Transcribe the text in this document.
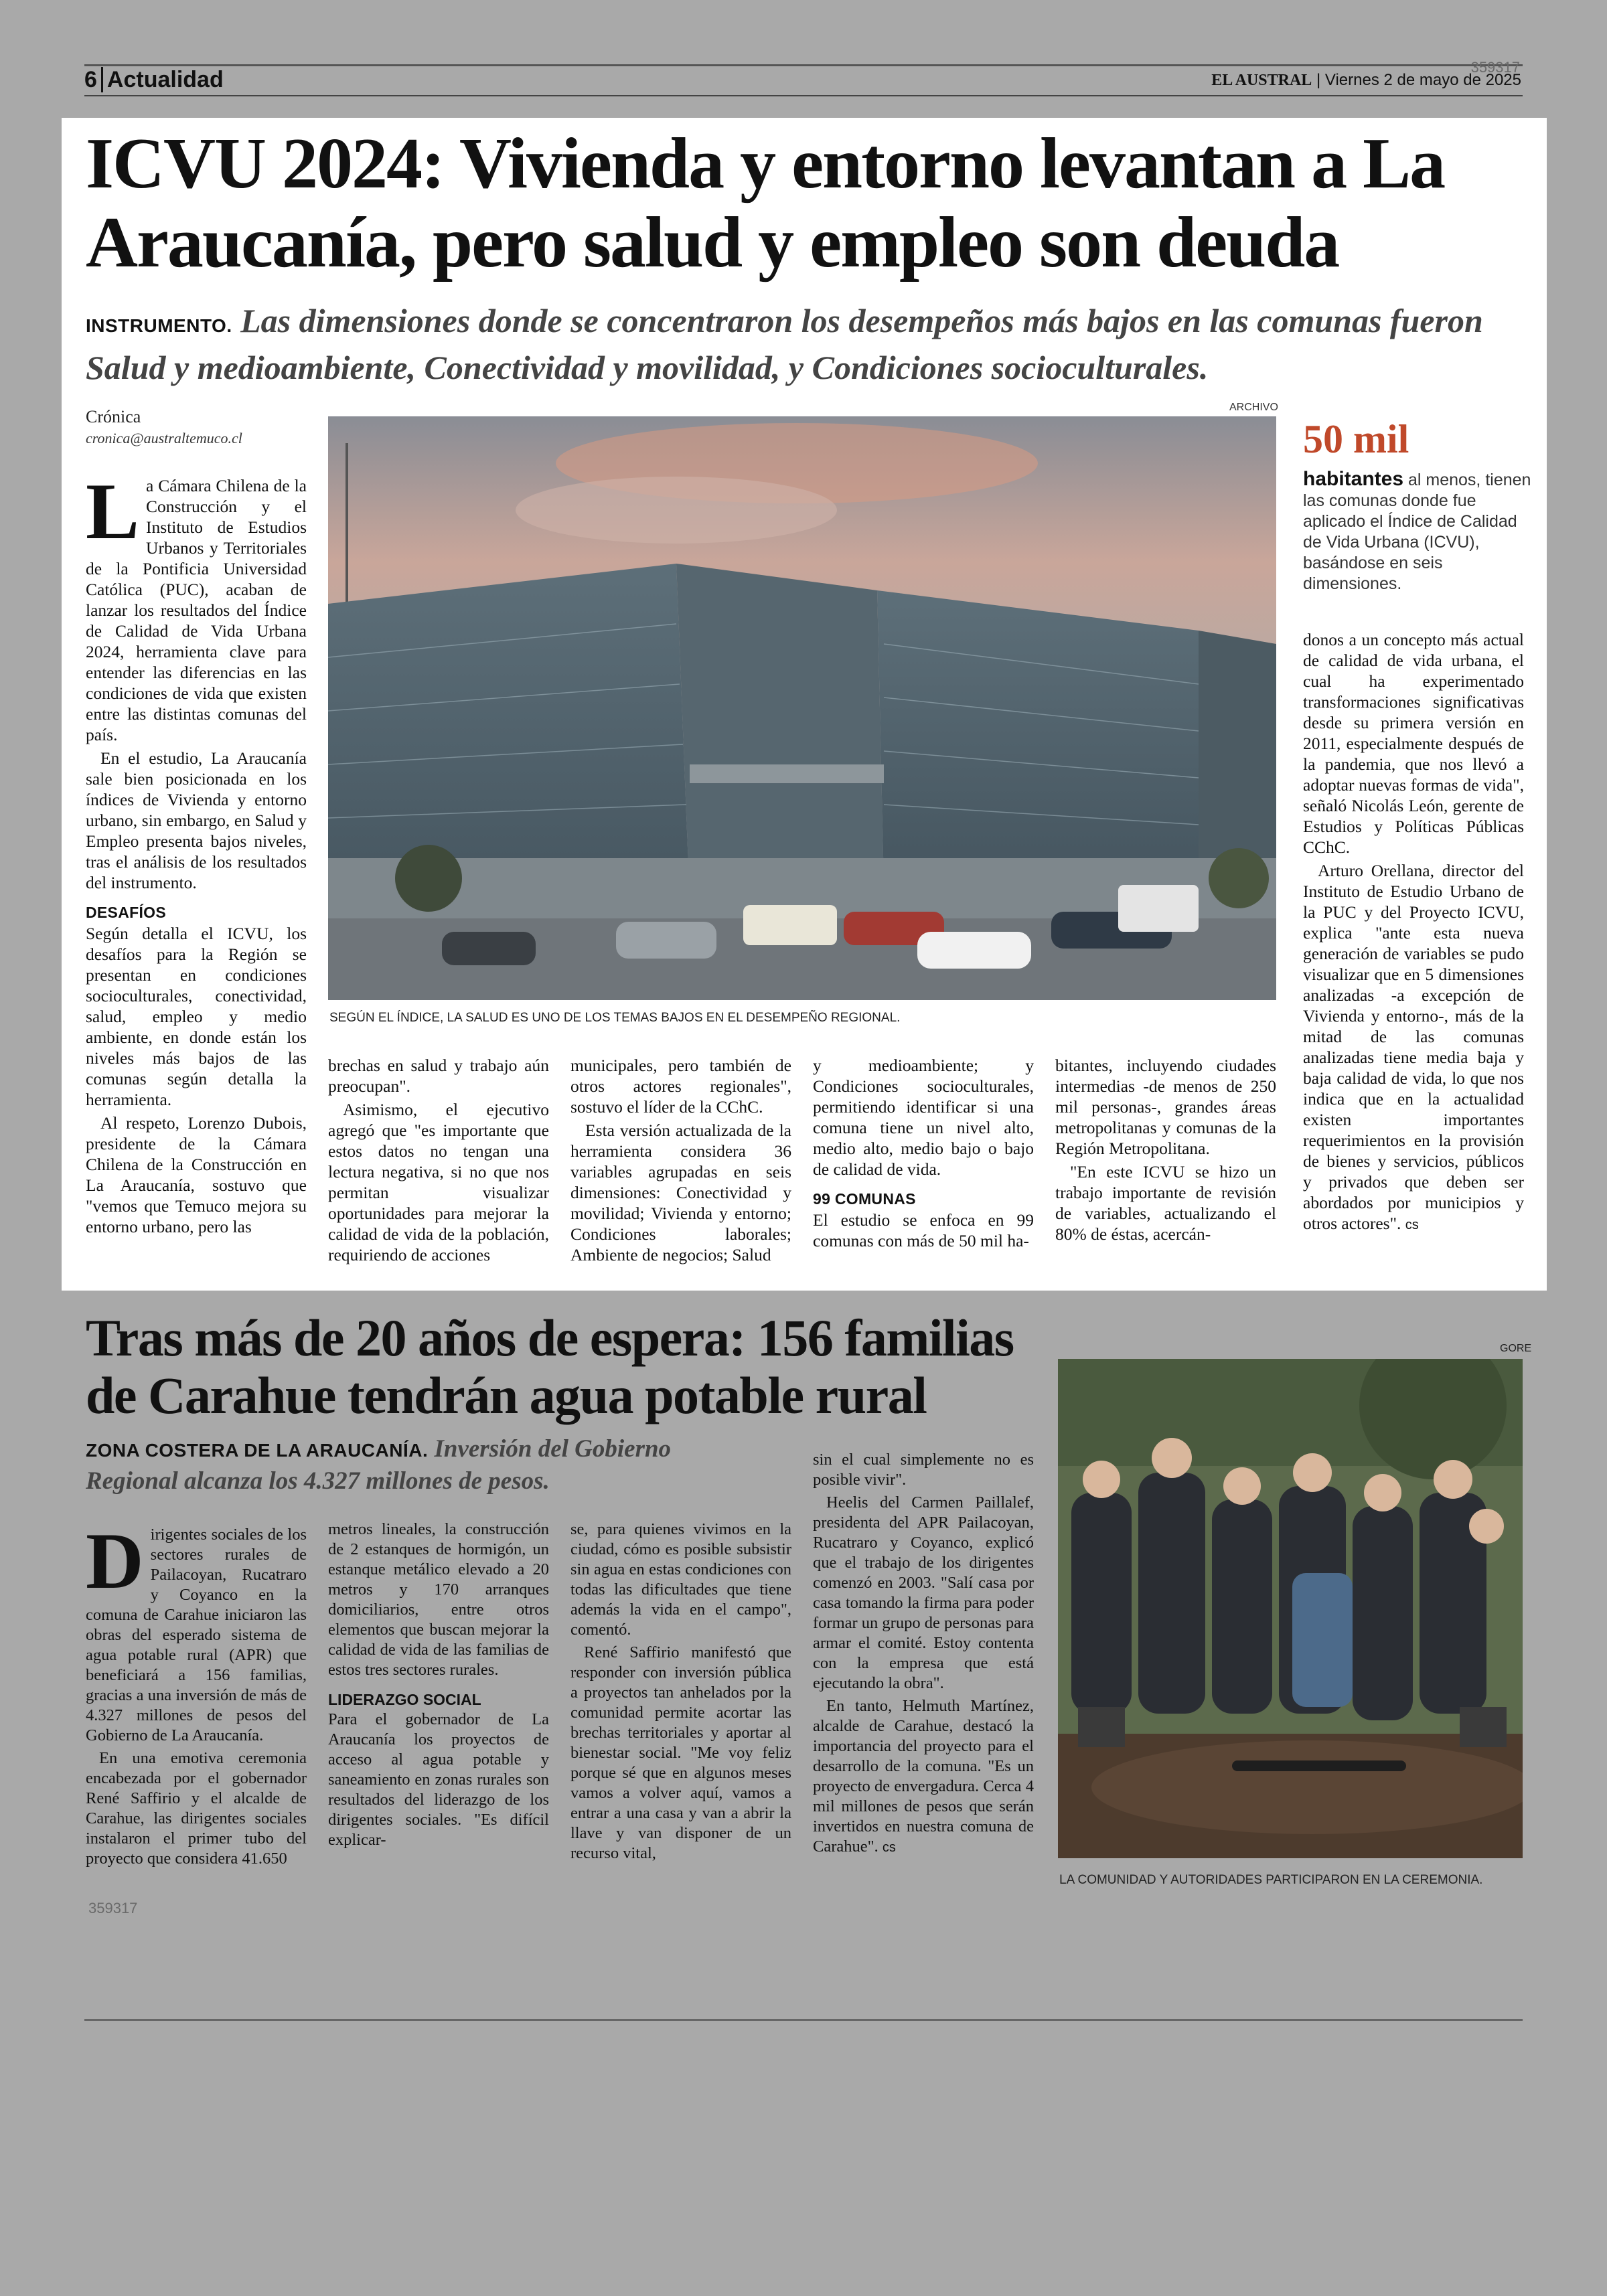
6 Actualidad	359317
EL AUSTRAL | Viernes 2 de mayo de 2025
ICVU 2024: Vivienda y entorno levantan a La Araucanía, pero salud y empleo son deuda
INSTRUMENTO. Las dimensiones donde se concentraron los desempeños más bajos en las comunas fueron Salud y medioambiente, Conectividad y movilidad, y Condiciones socioculturales.
Crónica
cronica@australtemuco.cl
ARCHIVO
SEGÚN EL ÍNDICE, LA SALUD ES UNO DE LOS TEMAS BAJOS EN EL DESEMPEÑO REGIONAL.
50 mil
habitantes al menos, tienen las comunas donde fue aplicado el Índice de Calidad de Vida Urbana (ICVU), basándose en seis dimensiones.

La Cámara Chilena de la Construcción y el Instituto de Estudios Urbanos y Territoriales de la Pontificia Universidad Católica (PUC), acaban de lanzar los resultados del Índice de Calidad de Vida Urbana 2024, herramienta clave para entender las diferencias en las condiciones de vida que existen entre las distintas comunas del país.

En el estudio, La Araucanía sale bien posicionada en los índices de Vivienda y entorno urbano, sin embargo, en Salud y Empleo presenta bajos niveles, tras el análisis de los resultados del instrumento.

DESAFÍOS

Según detalla el ICVU, los desafíos para la Región se presentan en condiciones socioculturales, conectividad, salud, empleo y medio ambiente, en donde están los niveles más bajos de las comunas según detalla la herramienta.

Al respeto, Lorenzo Dubois, presidente de la Cámara Chilena de la Construcción en La Araucanía, sostuvo que "vemos que Temuco mejora su entorno urbano, pero las

brechas en salud y trabajo aún preocupan".

Asimismo, el ejecutivo agregó que "es importante que estos datos no tengan una lectura negativa, si no que nos permitan visualizar oportunidades para mejorar la calidad de vida de la población, requiriendo de acciones

municipales, pero también de otros actores regionales", sostuvo el líder de la CChC.

Esta versión actualizada de la herramienta considera 36 variables agrupadas en seis dimensiones: Conectividad y movilidad; Vivienda y entorno; Condiciones laborales; Ambiente de negocios; Salud

y medioambiente; y Condiciones socioculturales, permitiendo identificar si una comuna tiene un nivel alto, medio alto, medio bajo o bajo de calidad de vida.

99 COMUNAS

El estudio se enfoca en 99 comunas con más de 50 mil ha-

bitantes, incluyendo ciudades intermedias -de menos de 250 mil personas-, grandes áreas metropolitanas y comunas de la Región Metropolitana.

"En este ICVU se hizo un trabajo importante de revisión de variables, actualizando el 80% de éstas, acercán-

donos a un concepto más actual de calidad de vida urbana, el cual ha experimentado transformaciones significativas desde su primera versión en 2011, especialmente después de la pandemia, que nos llevó a adoptar nuevas formas de vida", señaló Nicolás León, gerente de Estudios y Políticas Públicas CChC.

Arturo Orellana, director del Instituto de Estudio Urbano de la PUC y del Proyecto ICVU, explica "ante esta nueva generación de variables se pudo visualizar que en 5 dimensiones analizadas -a excepción de Vivienda y entorno-, más de la mitad de las comunas analizadas tiene media baja y baja calidad de vida, lo que nos indica que en la actualidad existen importantes requerimientos en la provisión de bienes y servicios, públicos y privados que deben ser abordados por municipios y otros actores". cs

Tras más de 20 años de espera: 156 familias de Carahue tendrán agua potable rural
ZONA COSTERA DE LA ARAUCANÍA. Inversión del Gobierno Regional alcanza los 4.327 millones de pesos.
GORE
LA COMUNIDAD Y AUTORIDADES PARTICIPARON EN LA CEREMONIA.

Dirigentes sociales de los sectores rurales de Pailacoyan, Rucatraro y Coyanco en la comuna de Carahue iniciaron las obras del esperado sistema de agua potable rural (APR) que beneficiará a 156 familias, gracias a una inversión de más de 4.327 millones de pesos del Gobierno de La Araucanía.

En una emotiva ceremonia encabezada por el gobernador René Saffirio y el alcalde de Carahue, las dirigentes sociales instalaron el primer tubo del proyecto que considera 41.650

metros lineales, la construcción de 2 estanques de hormigón, un estanque metálico elevado a 20 metros y 170 arranques domiciliarios, entre otros elementos que buscan mejorar la calidad de vida de las familias de estos tres sectores rurales.

LIDERAZGO SOCIAL

Para el gobernador de La Araucanía los proyectos de acceso al agua potable y saneamiento en zonas rurales son resultados del liderazgo de los dirigentes sociales. "Es difícil explicar-

se, para quienes vivimos en la ciudad, cómo es posible subsistir sin agua en estas condiciones con todas las dificultades que tiene además la vida en el campo", comentó.

René Saffirio manifestó que responder con inversión pública a proyectos tan anhelados por la comunidad permite acortar las brechas territoriales y aportar al bienestar social. "Me voy feliz porque sé que en algunos meses vamos a volver aquí, vamos a entrar a una casa y van a abrir la llave y van disponer de un recurso vital,

sin el cual simplemente no es posible vivir".

Heelis del Carmen Paillalef, presidenta del APR Pailacoyan, Rucatraro y Coyanco, explicó que el trabajo de los dirigentes comenzó en 2003. "Salí casa por casa tomando la firma para poder formar un grupo de personas para armar el comité. Estoy contenta con la empresa que está ejecutando la obra".

En tanto, Helmuth Martínez, alcalde de Carahue, destacó la importancia del proyecto para el desarrollo de la comuna. "Es un proyecto de envergadura. Cerca 4 mil millones de pesos que serán invertidos en nuestra comuna de Carahue". cs

359317
